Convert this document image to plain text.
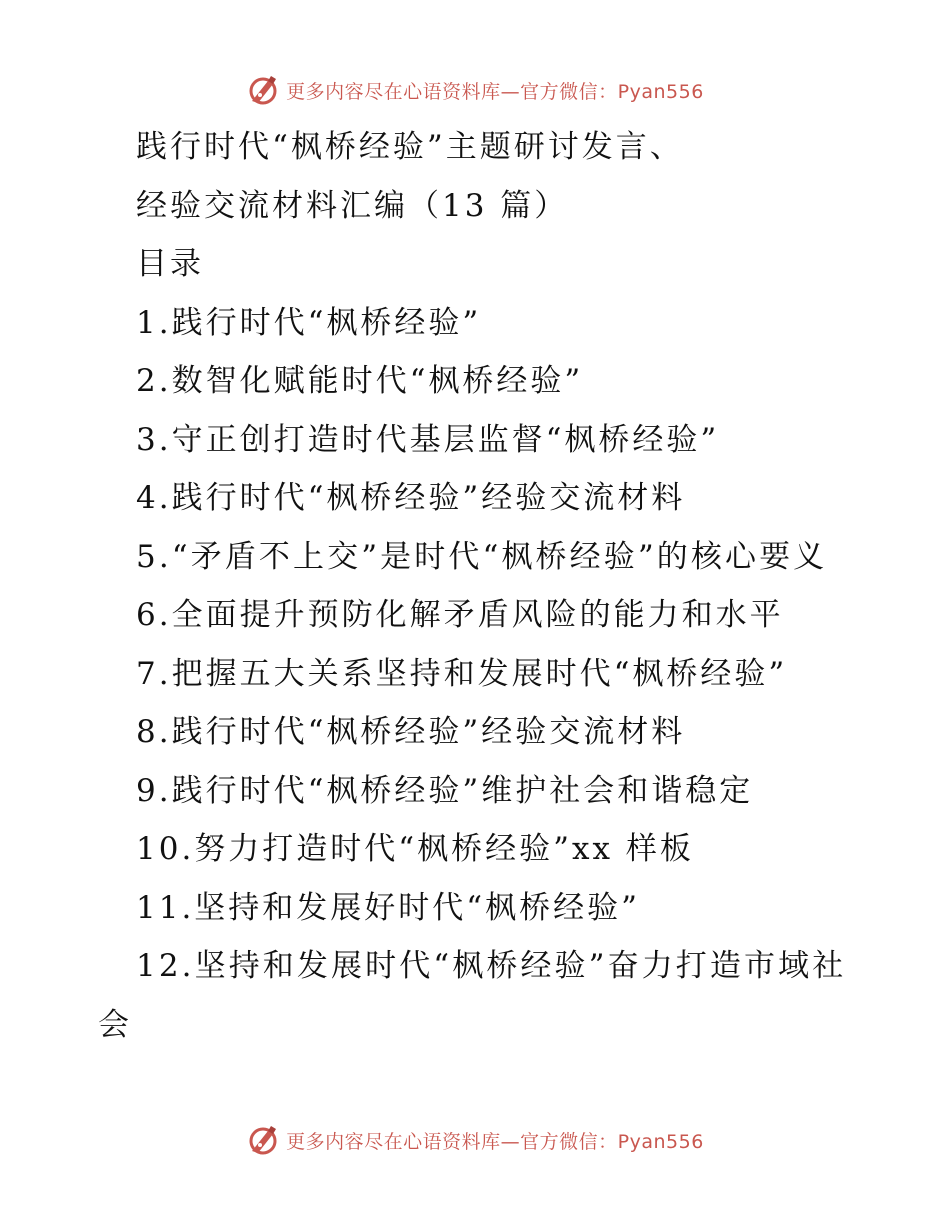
更多内容尽在心语资料库—官方微信：Pyan556
践行时代“枫桥经验”主题研讨发言、
经验交流材料汇编（13 篇）
目录
1.践行时代“枫桥经验”
2.数智化赋能时代“枫桥经验”
3.守正创打造时代基层监督“枫桥经验”
4.践行时代“枫桥经验”经验交流材料
5.“矛盾不上交”是时代“枫桥经验”的核心要义
6.全面提升预防化解矛盾风险的能力和水平
7.把握五大关系坚持和发展时代“枫桥经验”
8.践行时代“枫桥经验”经验交流材料
9.践行时代“枫桥经验”维护社会和谐稳定
10.努力打造时代“枫桥经验”xx 样板
11.坚持和发展好时代“枫桥经验”
12.坚持和发展时代“枫桥经验”奋力打造市域社会
更多内容尽在心语资料库—官方微信：Pyan556
